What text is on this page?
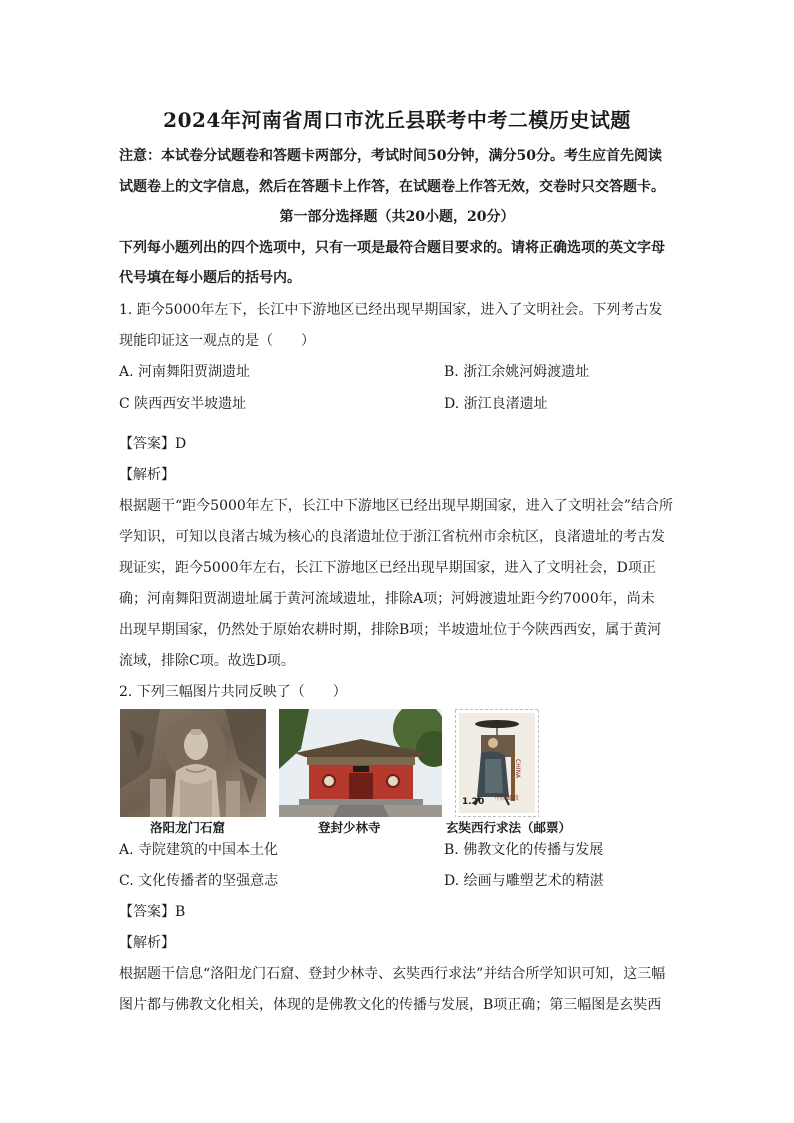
2024年河南省周口市沈丘县联考中考二模历史试题
注意：本试卷分试题卷和答题卡两部分，考试时间50分钟，满分50分。考生应首先阅读
试题卷上的文字信息，然后在答题卡上作答，在试题卷上作答无效，交卷时只交答题卡。
第一部分选择题（共20小题，20分）
下列每小题列出的四个选项中，只有一项是最符合题目要求的。请将正确选项的英文字母
代号填在每小题后的括号内。
1. 距今5000年左下，长江中下游地区已经出现早期国家，进入了文明社会。下列考古发
现能印证这一观点的是（　　）
A. 河南舞阳贾湖遗址	B. 浙江余姚河姆渡遗址
C 陕西西安半坡遗址	D. 浙江良渚遗址
【答案】D
【解析】
根据题干“距今5000年左下，长江中下游地区已经出现早期国家，进入了文明社会”结合所
学知识，可知以良渚古城为核心的良渚遗址位于浙江省杭州市余杭区，良渚遗址的考古发
现证实，距今5000年左右，长江下游地区已经出现早期国家，进入了文明社会，D项正
确；河南舞阳贾湖遗址属于黄河流域遗址，排除A项；河姆渡遗址距今约7000年，尚未
出现早期国家，仍然处于原始农耕时期，排除B项；半坡遗址位于今陕西西安，属于黄河
流域，排除C项。故选D项。
2. 下列三幅图片共同反映了（　　）
洛阳龙门石窟	登封少林寺
1.20 中国邮政
CHINA
玄奘西行求法（邮票）
A. 寺院建筑的中国本土化	B. 佛教文化的传播与发展
C. 文化传播者的坚强意志	D. 绘画与雕塑艺术的精湛
【答案】B
【解析】
根据题干信息“洛阳龙门石窟、登封少林寺、玄奘西行求法”并结合所学知识可知，这三幅
图片都与佛教文化相关，体现的是佛教文化的传播与发展，B项正确；第三幅图是玄奘西
